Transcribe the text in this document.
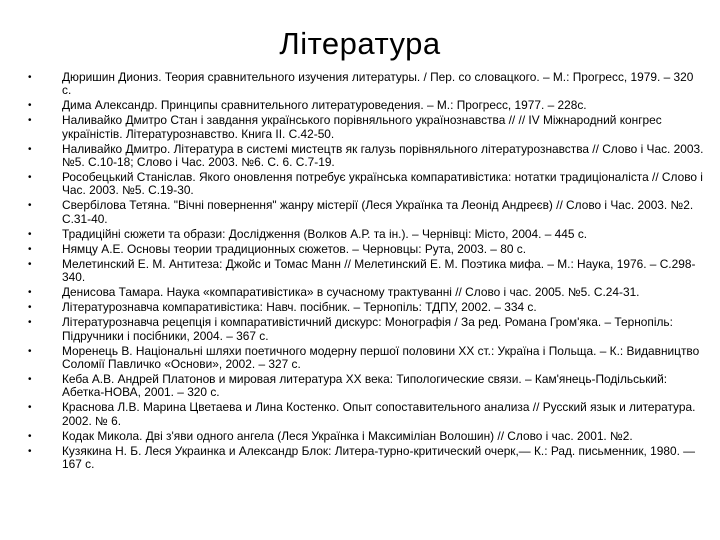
Література
•	Дюришин Диониз. Теория сравнительного изучения литературы. / Пер. со словацкого. – М.: Прогресс, 1979. – 320 с.
•	Дима Александр. Принципы сравнительного литературоведения. – М.: Прогресс, 1977. – 228с.
•	Наливайко Дмитро Стан і завдання українського порівняльного українознавства // // IV Міжнародний конгрес україністів. Літературознавство. Книга ІІ. С.42-50.
•	Наливайко Дмитро. Література в системі мистецтв як галузь порівняльного літературознавства // Слово і Час. 2003. №5. С.10-18; Слово і Час. 2003. №6. С. 6. С.7-19.
•	Рособецький Станіслав. Якого оновлення потребує українська компаративістика: нотатки традиціоналіста // Слово і Час. 2003. №5. С.19-30.
•	Свербілова Тетяна. "Вічні повернення" жанру містерії (Леся Українка та Леонід Андреєв) // Слово і Час. 2003. №2. С.31-40.
•	Традиційні сюжети та образи: Дослідження (Волков А.Р. та ін.). – Чернівці: Місто, 2004. – 445 с.
•	Нямцу А.Е. Основы теории традиционных сюжетов. – Черновцы: Рута, 2003. – 80 с.
•	Мелетинский Е. М. Антитеза: Джойс и Томас Манн // Мелетинский Е. М. Поэтика мифа. – М.: Наука, 1976. – С.298-340.
•	Денисова Тамара. Наука «компаративістика» в сучасному трактуванні // Слово і час. 2005. №5. С.24-31.
•	Літературознавча компаративістика: Навч. посібник. – Тернопіль: ТДПУ, 2002. – 334 с.
•	Літературознавча рецепція і компаративістичний дискурс: Монографія / За ред. Романа Гром'яка. – Тернопіль: Підручники і посібники, 2004. – 367 с.
•	Моренець В. Національні шляхи поетичного модерну першої половини XX ст.: Україна і Польща. – К.: Видавництво Соломії Павличко «Основи», 2002. – 327 с.
•	Кеба А.В. Андрей Платонов и мировая литература ХХ века: Типологические связи. – Кам'янець-Подільський: Абетка-НОВА, 2001. – 320 с.
•	Краснова Л.В. Марина Цветаева и Лина Костенко. Опыт сопоставительного анализа // Русский язык и литература. 2002. № 6.
•	Кодак Микола. Дві з'яви одного ангела (Леся Українка і Максиміліан Волошин) // Слово і час. 2001. №2.
•	Кузякина Н. Б. Леся Украинка и Александр Блок: Литера-турно-критический очерк,— К.: Рад. письменник, 1980. — 167 с.
